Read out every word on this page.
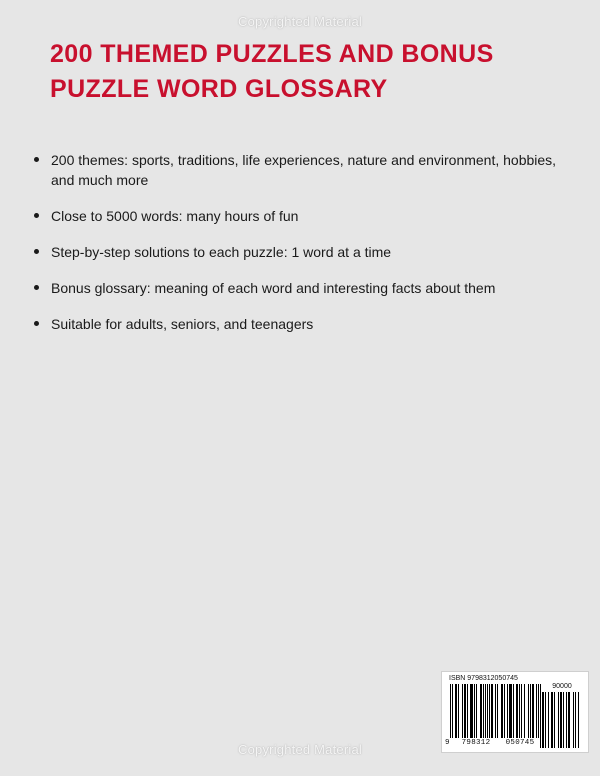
Copyrighted Material
200 THEMED PUZZLES AND BONUS
PUZZLE WORD GLOSSARY
200 themes: sports, traditions, life experiences, nature and environment, hobbies, and much more
Close to 5000 words: many hours of fun
Step-by-step solutions to each puzzle: 1 word at a time
Bonus glossary: meaning of each word and interesting facts about them
Suitable for adults, seniors, and teenagers
ISBN 9798312050745
90000
9 798312 050745
Copyrighted Material
